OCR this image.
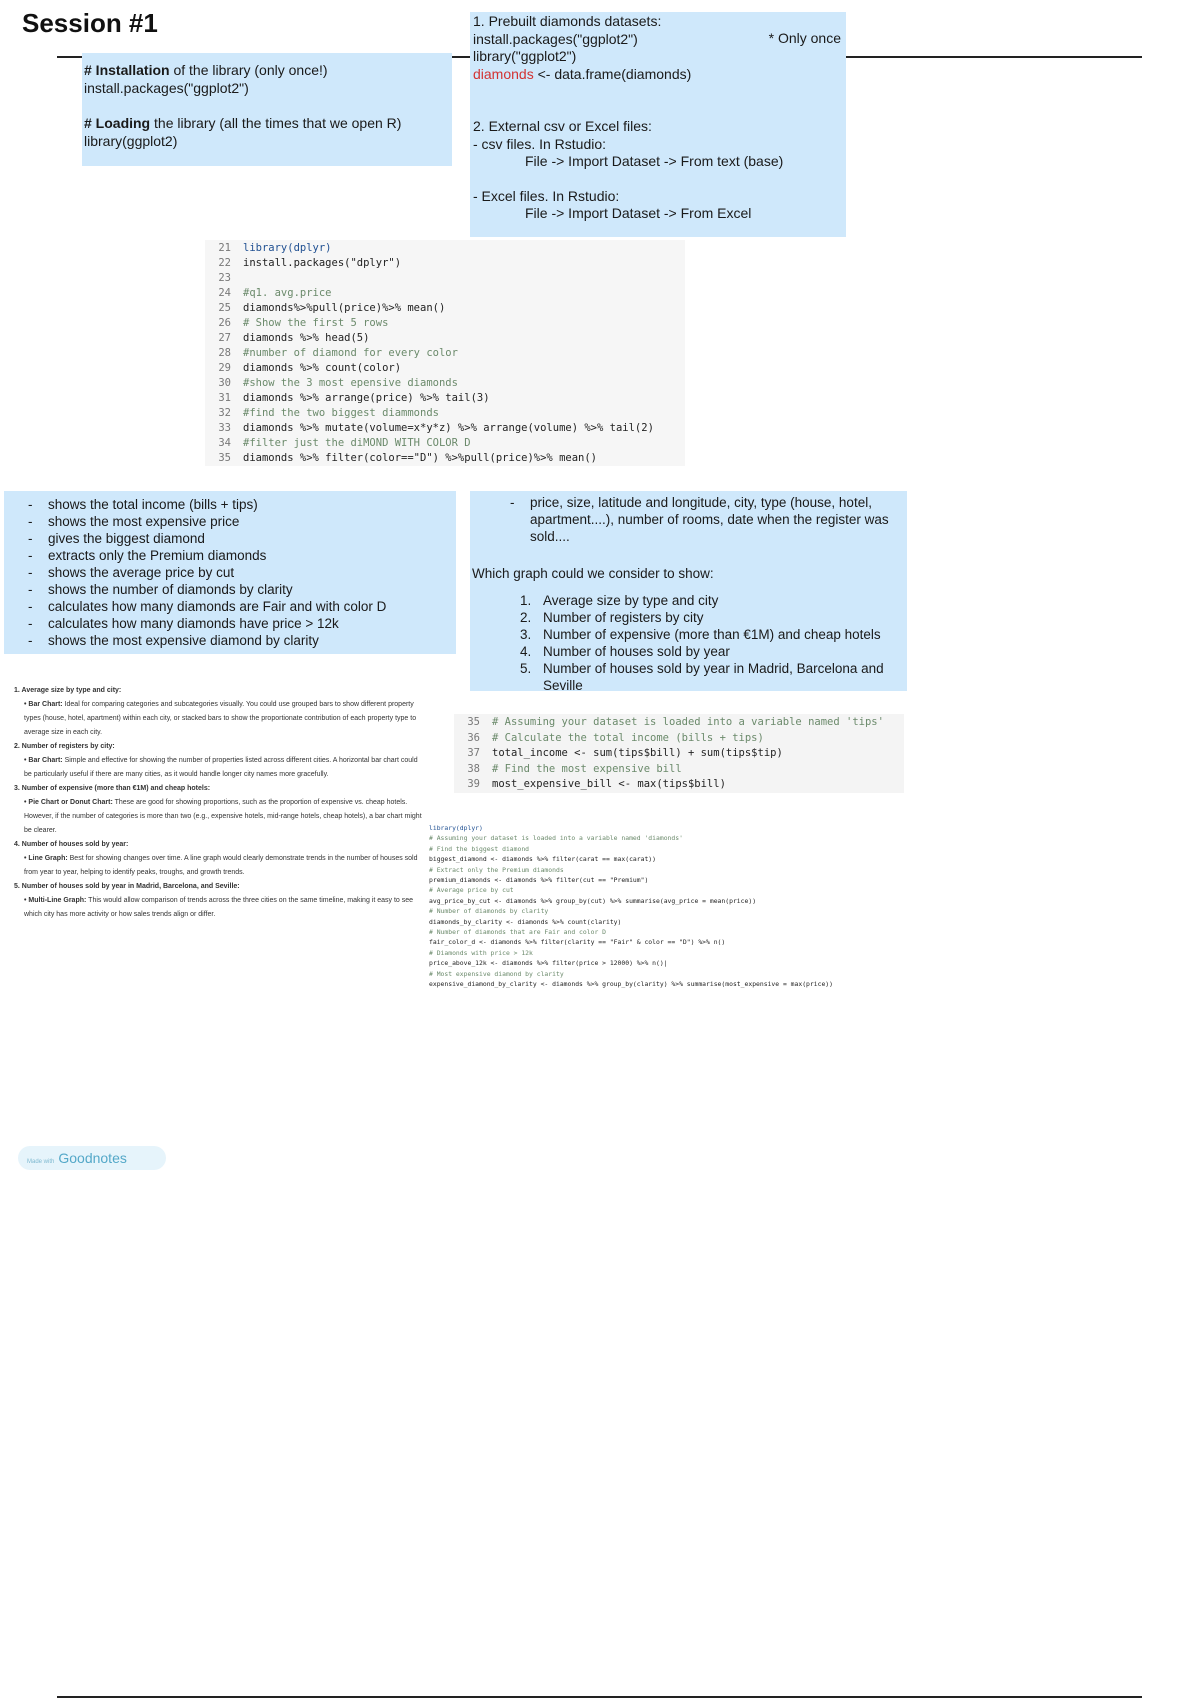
Session #1

# Installation of the library (only once!)

install.packages("ggplot2")

# Loading the library (all the times that we open R)

library(ggplot2)

1. Prebuilt diamonds datasets:

install.packages("ggplot2")	* Only once

library("ggplot2")

diamonds <- data.frame(diamonds)

2. External csv or Excel files:

- csv files. In Rstudio:

File -> Import Dataset -> From text (base)

- Excel files. In Rstudio:

File -> Import Dataset -> From Excel

21 library(dplyr)
22 install.packages("dplyr")
23
24 #q1. avg.price
25 diamonds%>%pull(price)%>% mean()
26 # Show the first 5 rows
27 diamonds %>% head(5)
28 #number of diamond for every color
29 diamonds %>% count(color)
30 #show the 3 most epensive diamonds
31 diamonds %>% arrange(price) %>% tail(3)
32 #find the two biggest diammonds
33 diamonds %>% mutate(volume=x*y*z) %>% arrange(volume) %>% tail(2)
34 #filter just the diMOND WITH COLOR D
35 diamonds %>% filter(color=="D") %>%pull(price)%>% mean()
- shows the total income (bills + tips)
- shows the most expensive price
- gives the biggest diamond
- extracts only the Premium diamonds
- shows the average price by cut
- shows the number of diamonds by clarity
- calculates how many diamonds are Fair and with color D
- calculates how many diamonds have price > 12k
- shows the most expensive diamond by clarity
- price, size, latitude and longitude, city, type (house, hotel, apartment....), number of rooms, date when the register was sold....

Which graph could we consider to show:

1. Average size by type and city
2. Number of registers by city
3. Number of expensive (more than €1M) and cheap hotels
4. Number of houses sold by year
5. Number of houses sold by year in Madrid, Barcelona and Seville
1. Average size by type and city:
• Bar Chart: Ideal for comparing categories and subcategories visually. You could use grouped bars to show different property types (house, hotel, apartment) within each city, or stacked bars to show the proportionate contribution of each property type to average size in each city.
2. Number of registers by city:
• Bar Chart: Simple and effective for showing the number of properties listed across different cities. A horizontal bar chart could be particularly useful if there are many cities, as it would handle longer city names more gracefully.
3. Number of expensive (more than €1M) and cheap hotels:
• Pie Chart or Donut Chart: These are good for showing proportions, such as the proportion of expensive vs. cheap hotels. However, if the number of categories is more than two (e.g., expensive hotels, mid-range hotels, cheap hotels), a bar chart might be clearer.
4. Number of houses sold by year:
• Line Graph: Best for showing changes over time. A line graph would clearly demonstrate trends in the number of houses sold from year to year, helping to identify peaks, troughs, and growth trends.
5. Number of houses sold by year in Madrid, Barcelona, and Seville:
• Multi-Line Graph: This would allow comparison of trends across the three cities on the same timeline, making it easy to see which city has more activity or how sales trends align or differ.
35 # Assuming your dataset is loaded into a variable named 'tips'
36 # Calculate the total income (bills + tips)
37 total_income <- sum(tips$bill) + sum(tips$tip)
38 # Find the most expensive bill
39 most_expensive_bill <- max(tips$bill)
library(dplyr)
# Assuming your dataset is loaded into a variable named 'diamonds'
# Find the biggest diamond
biggest_diamond <- diamonds %>% filter(carat == max(carat))
# Extract only the Premium diamonds
premium_diamonds <- diamonds %>% filter(cut == "Premium")
# Average price by cut
avg_price_by_cut <- diamonds %>% group_by(cut) %>% summarise(avg_price = mean(price))
# Number of diamonds by clarity
diamonds_by_clarity <- diamonds %>% count(clarity)
# Number of diamonds that are Fair and color D
fair_color_d <- diamonds %>% filter(clarity == "Fair" & color == "D") %>% n()
# Diamonds with price > 12k
price_above_12k <- diamonds %>% filter(price > 12000) %>% n()|
# Most expensive diamond by clarity
expensive_diamond_by_clarity <- diamonds %>% group_by(clarity) %>% summarise(most_expensive = max(price))
Made with Goodnotes
